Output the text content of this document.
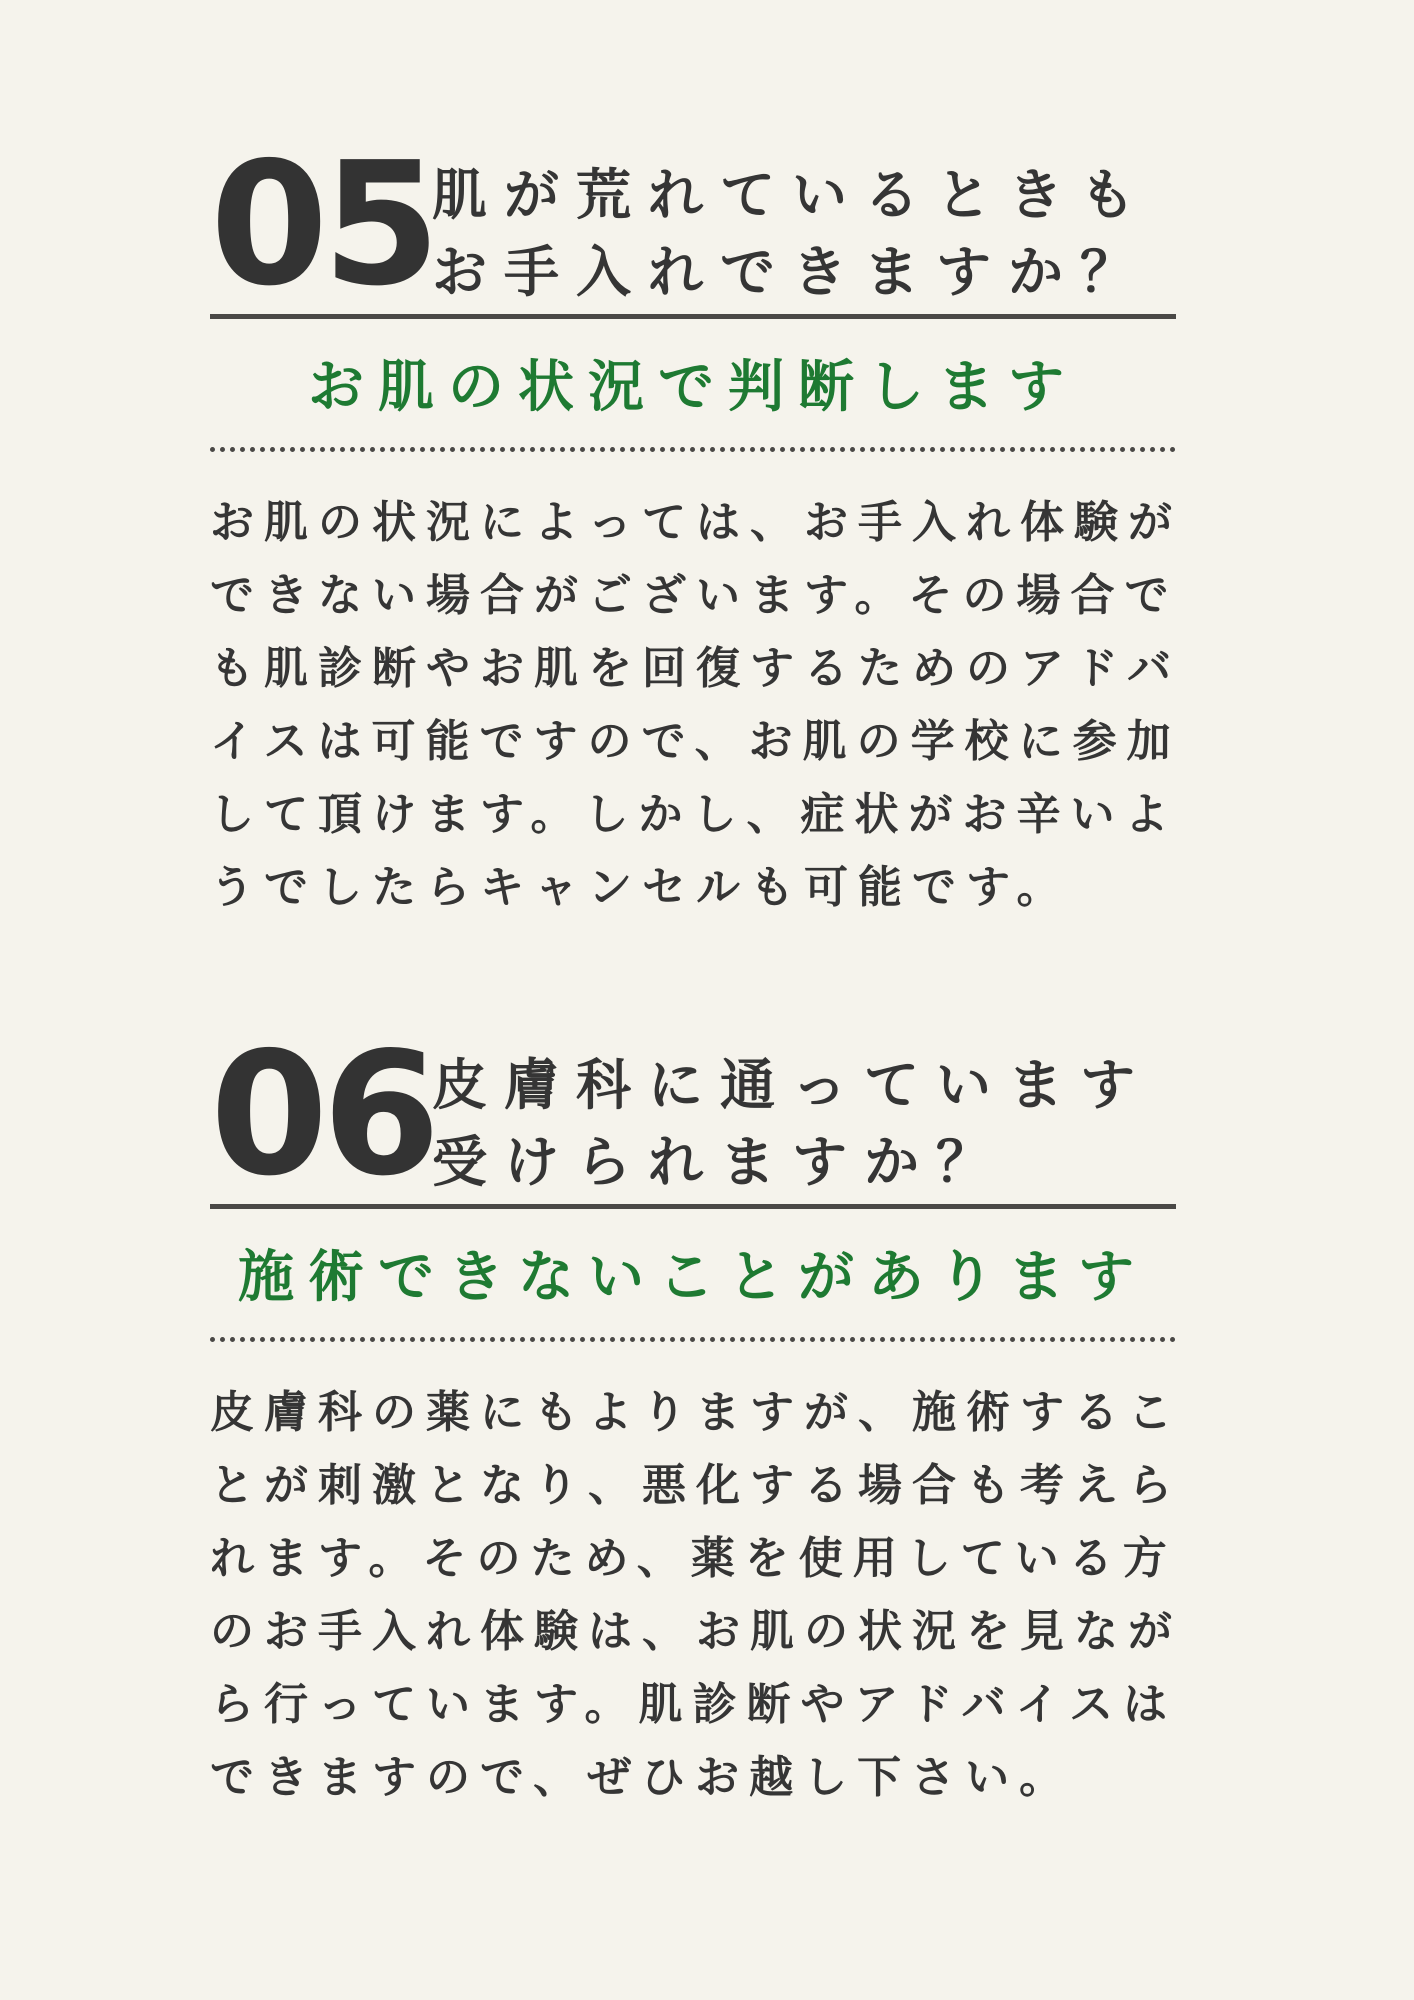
05
肌が荒れているときも
お手入れできますか？
お肌の状況で判断します
お肌の状況によっては、お手入れ体験が
できない場合がございます。その場合で
も肌診断やお肌を回復するためのアドバ
イスは可能ですので、お肌の学校に参加
して頂けます。しかし、症状がお辛いよ
うでしたらキャンセルも可能です。
06
皮膚科に通っています
受けられますか？
施術できないことがあります
皮膚科の薬にもよりますが、施術するこ
とが刺激となり、悪化する場合も考えら
れます。そのため、薬を使用している方
のお手入れ体験は、お肌の状況を見なが
ら行っています。肌診断やアドバイスは
できますので、ぜひお越し下さい。
